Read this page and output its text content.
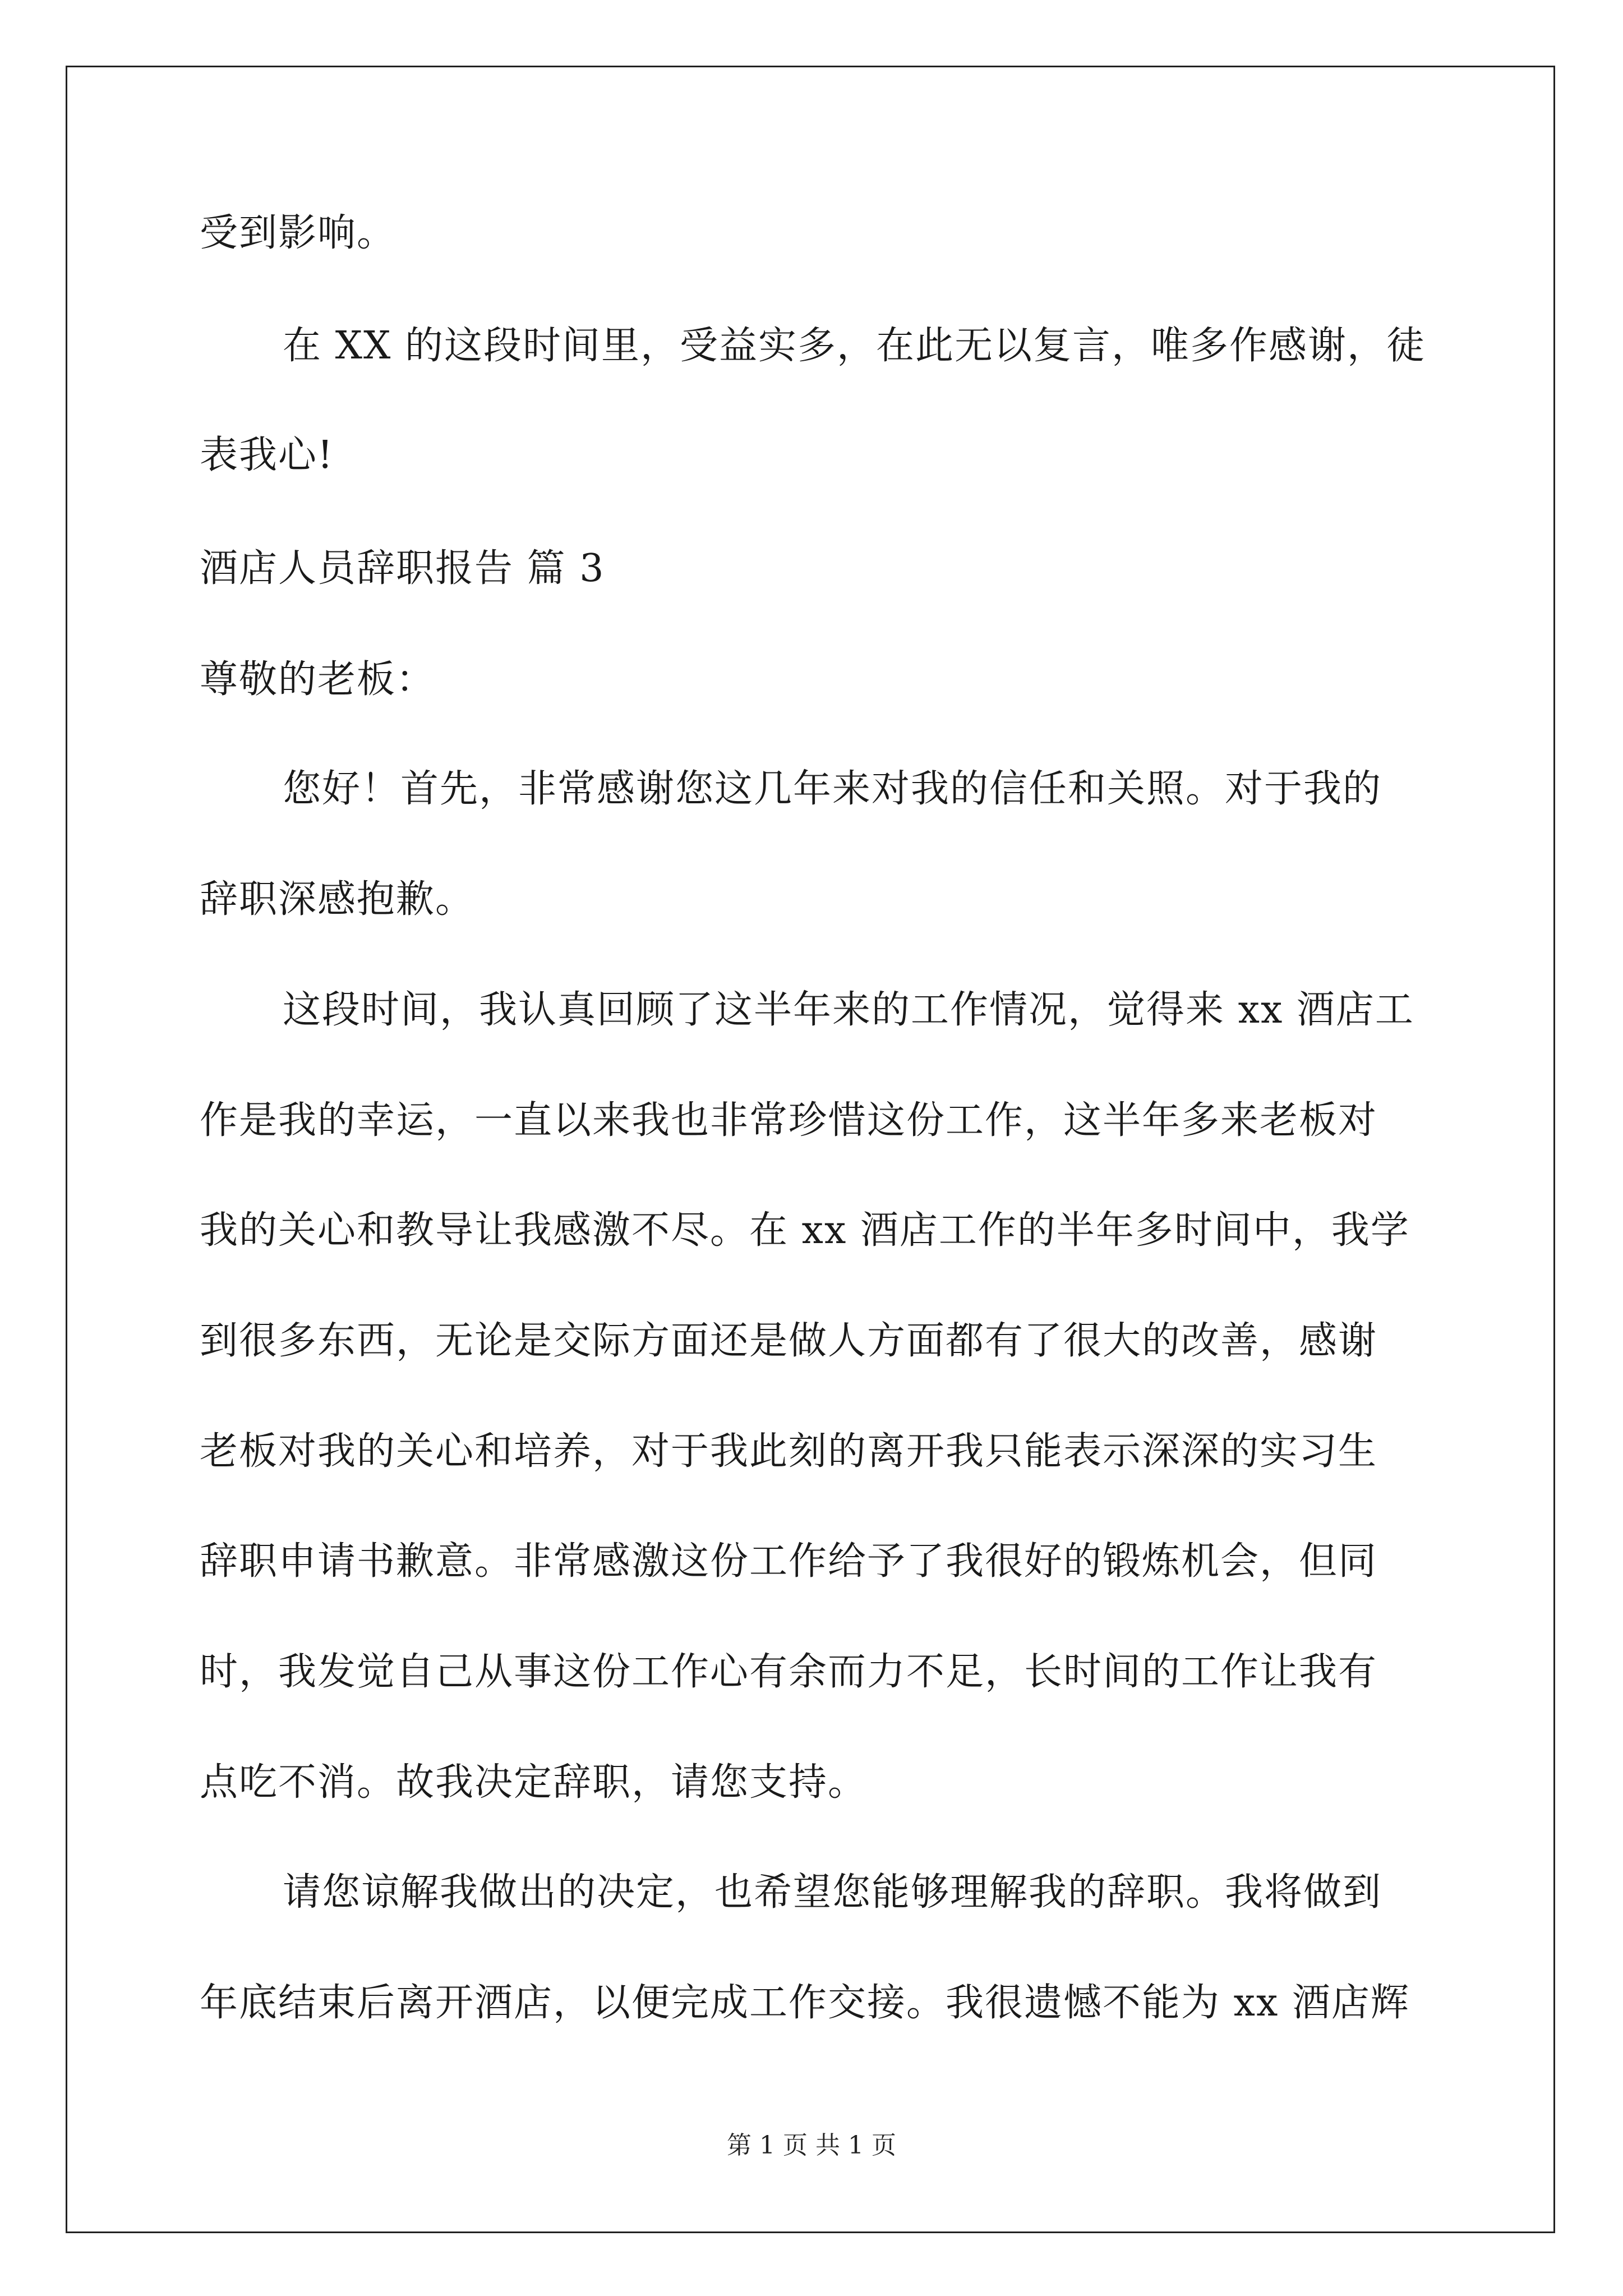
受到影响。
在 XX 的这段时间里，受益实多，在此无以复言，唯多作感谢，徒
表我心!
酒店人员辞职报告 篇 3
尊敬的老板：
您好！首先，非常感谢您这几年来对我的信任和关照。对于我的
辞职深感抱歉。
这段时间，我认真回顾了这半年来的工作情况，觉得来 xx 酒店工
作是我的幸运，一直以来我也非常珍惜这份工作，这半年多来老板对
我的关心和教导让我感激不尽。在 xx 酒店工作的半年多时间中，我学
到很多东西，无论是交际方面还是做人方面都有了很大的改善，感谢
老板对我的关心和培养，对于我此刻的离开我只能表示深深的实习生
辞职申请书歉意。非常感激这份工作给予了我很好的锻炼机会，但同
时，我发觉自己从事这份工作心有余而力不足，长时间的工作让我有
点吃不消。故我决定辞职，请您支持。
请您谅解我做出的决定，也希望您能够理解我的辞职。我将做到
年底结束后离开酒店，以便完成工作交接。我很遗憾不能为 xx 酒店辉
第 1 页 共 1 页
